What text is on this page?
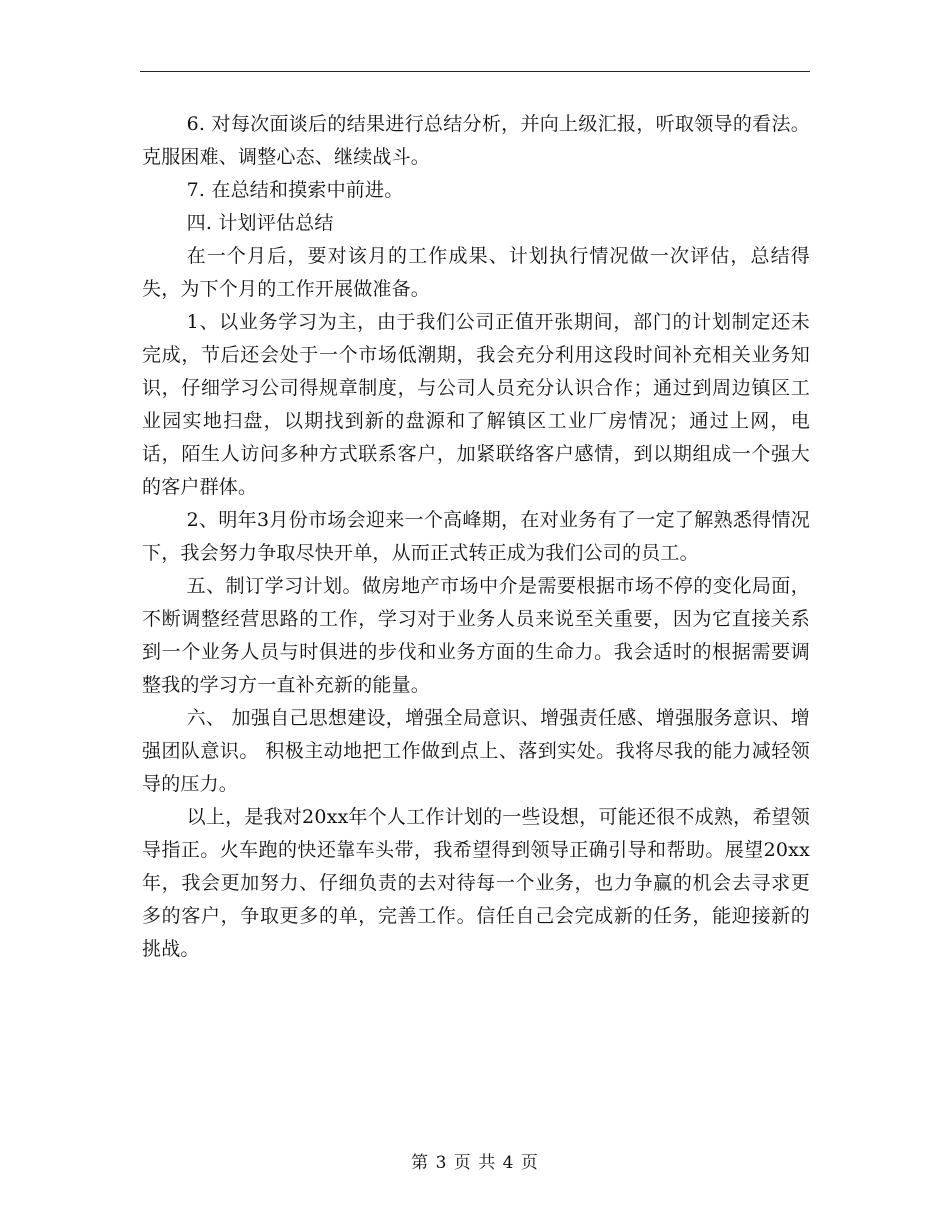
6. 对每次面谈后的结果进行总结分析，并向上级汇报，听取领导的看法。克服困难、调整心态、继续战斗。

7. 在总结和摸索中前进。

四. 计划评估总结

在一个月后，要对该月的工作成果、计划执行情况做一次评估，总结得失，为下个月的工作开展做准备。

1、以业务学习为主，由于我们公司正值开张期间，部门的计划制定还未完成，节后还会处于一个市场低潮期，我会充分利用这段时间补充相关业务知识，仔细学习公司得规章制度，与公司人员充分认识合作；通过到周边镇区工业园实地扫盘，以期找到新的盘源和了解镇区工业厂房情况；通过上网，电话，陌生人访问多种方式联系客户，加紧联络客户感情，到以期组成一个强大的客户群体。

2、明年3月份市场会迎来一个高峰期，在对业务有了一定了解熟悉得情况下，我会努力争取尽快开单，从而正式转正成为我们公司的员工。

五、制订学习计划。做房地产市场中介是需要根据市场不停的变化局面，不断调整经营思路的工作，学习对于业务人员来说至关重要，因为它直接关系到一个业务人员与时俱进的步伐和业务方面的生命力。我会适时的根据需要调整我的学习方一直补充新的能量。

六、 加强自己思想建设，增强全局意识、增强责任感、增强服务意识、增强团队意识。 积极主动地把工作做到点上、落到实处。我将尽我的能力减轻领导的压力。

以上，是我对20xx年个人工作计划的一些设想，可能还很不成熟，希望领导指正。火车跑的快还靠车头带，我希望得到领导正确引导和帮助。展望20xx年，我会更加努力、仔细负责的去对待每一个业务，也力争赢的机会去寻求更多的客户，争取更多的单，完善工作。信任自己会完成新的任务，能迎接新的挑战。

第 3 页 共 4 页
